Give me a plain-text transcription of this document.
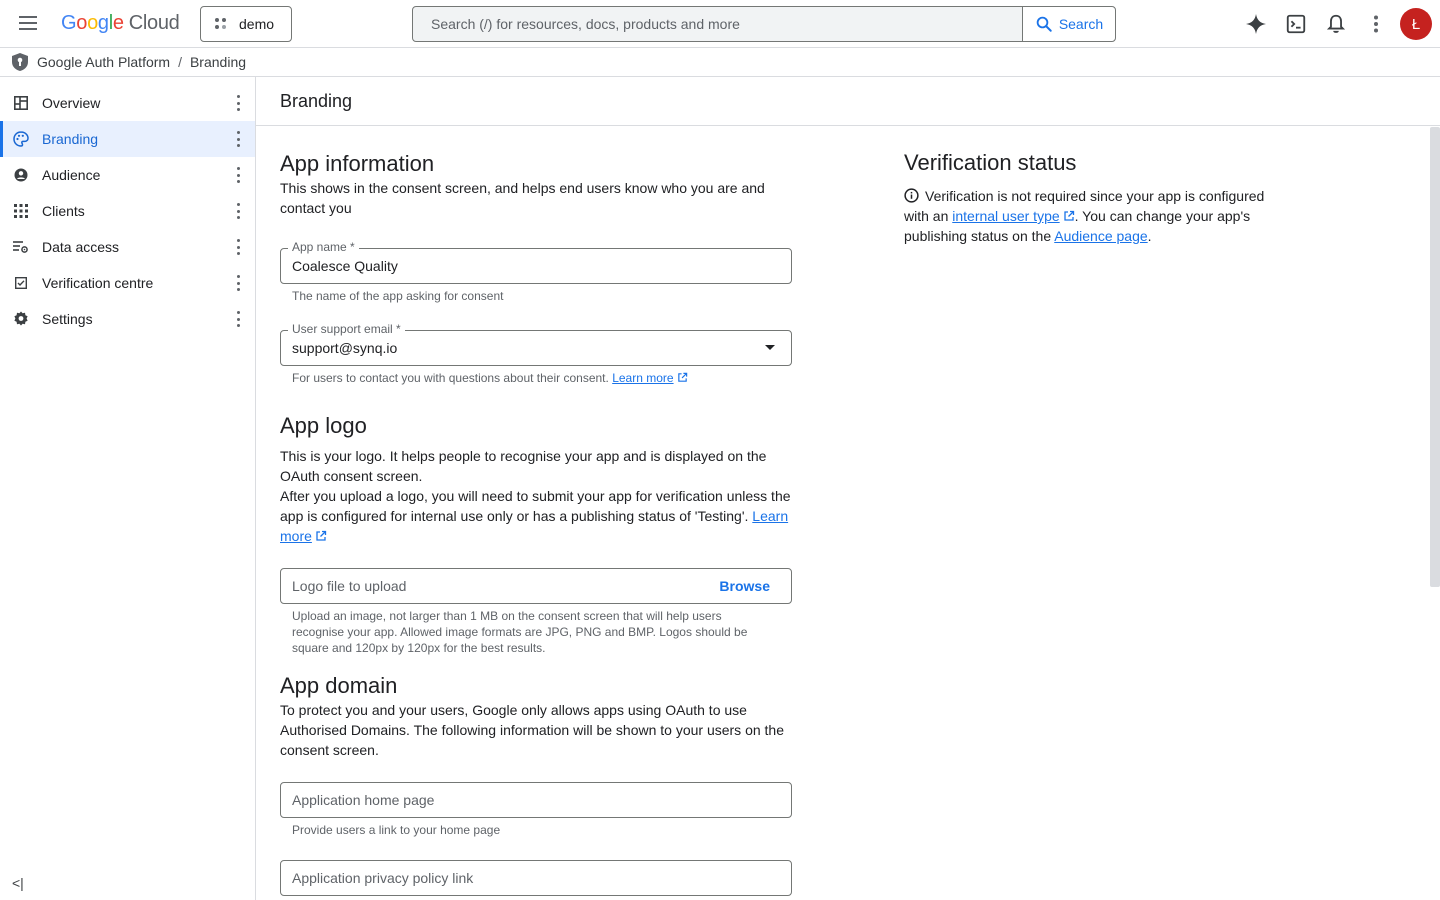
Google Cloud	demo	Search (/) for resources, docs, products and more	Search	Ł
Google Auth Platform / Branding
Overview
Branding
Audience
Clients
Data access
Verification centre
Settings
<|
Branding
App information
This shows in the consent screen, and helps end users know who you are and contact you
App name *
Coalesce Quality
The name of the app asking for consent
User support email *
support@synq.io
For users to contact you with questions about their consent. Learn more
App logo
This is your logo. It helps people to recognise your app and is displayed on the OAuth consent screen.
After you upload a logo, you will need to submit your app for verification unless the app is configured for internal use only or has a publishing status of 'Testing'. Learn more
Logo file to upload	Browse
Upload an image, not larger than 1 MB on the consent screen that will help users recognise your app. Allowed image formats are JPG, PNG and BMP. Logos should be square and 120px by 120px for the best results.
App domain
To protect you and your users, Google only allows apps using OAuth to use Authorised Domains. The following information will be shown to your users on the consent screen.
Application home page
Provide users a link to your home page
Application privacy policy link
Verification status
Verification is not required since your app is configured with an internal user type . You can change your app's publishing status on the Audience page.
